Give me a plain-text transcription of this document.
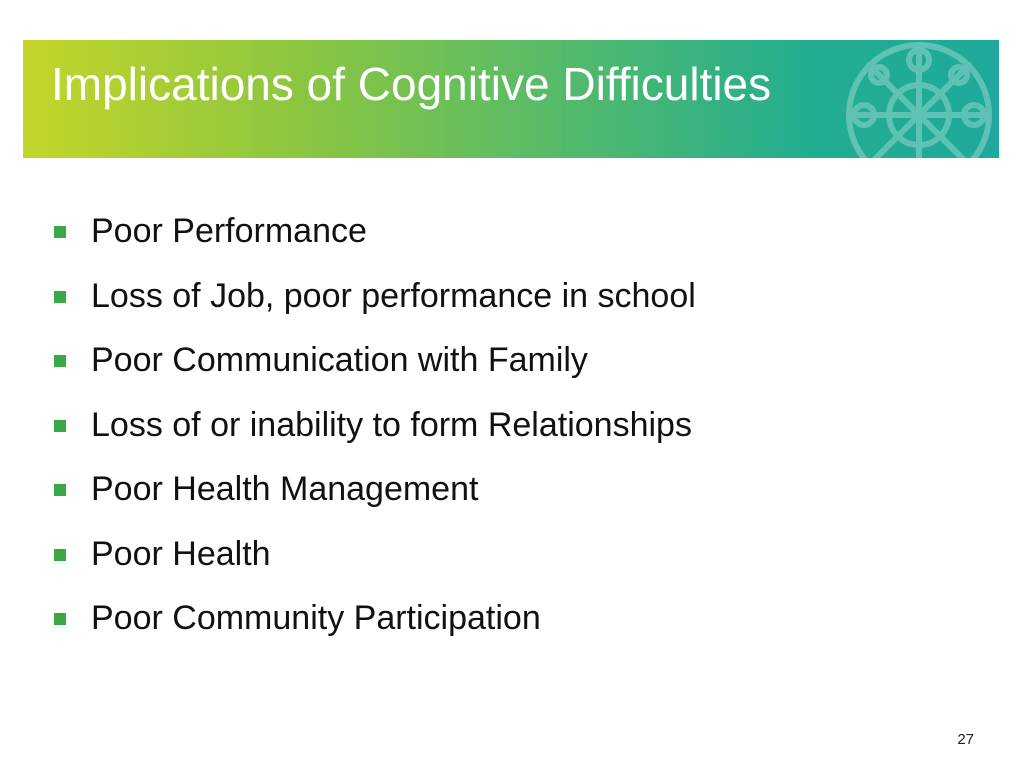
Implications of Cognitive Difficulties
Poor Performance
Loss of Job, poor performance in school
Poor Communication with Family
Loss of or inability to form Relationships
Poor Health Management
Poor Health
Poor Community Participation
27
